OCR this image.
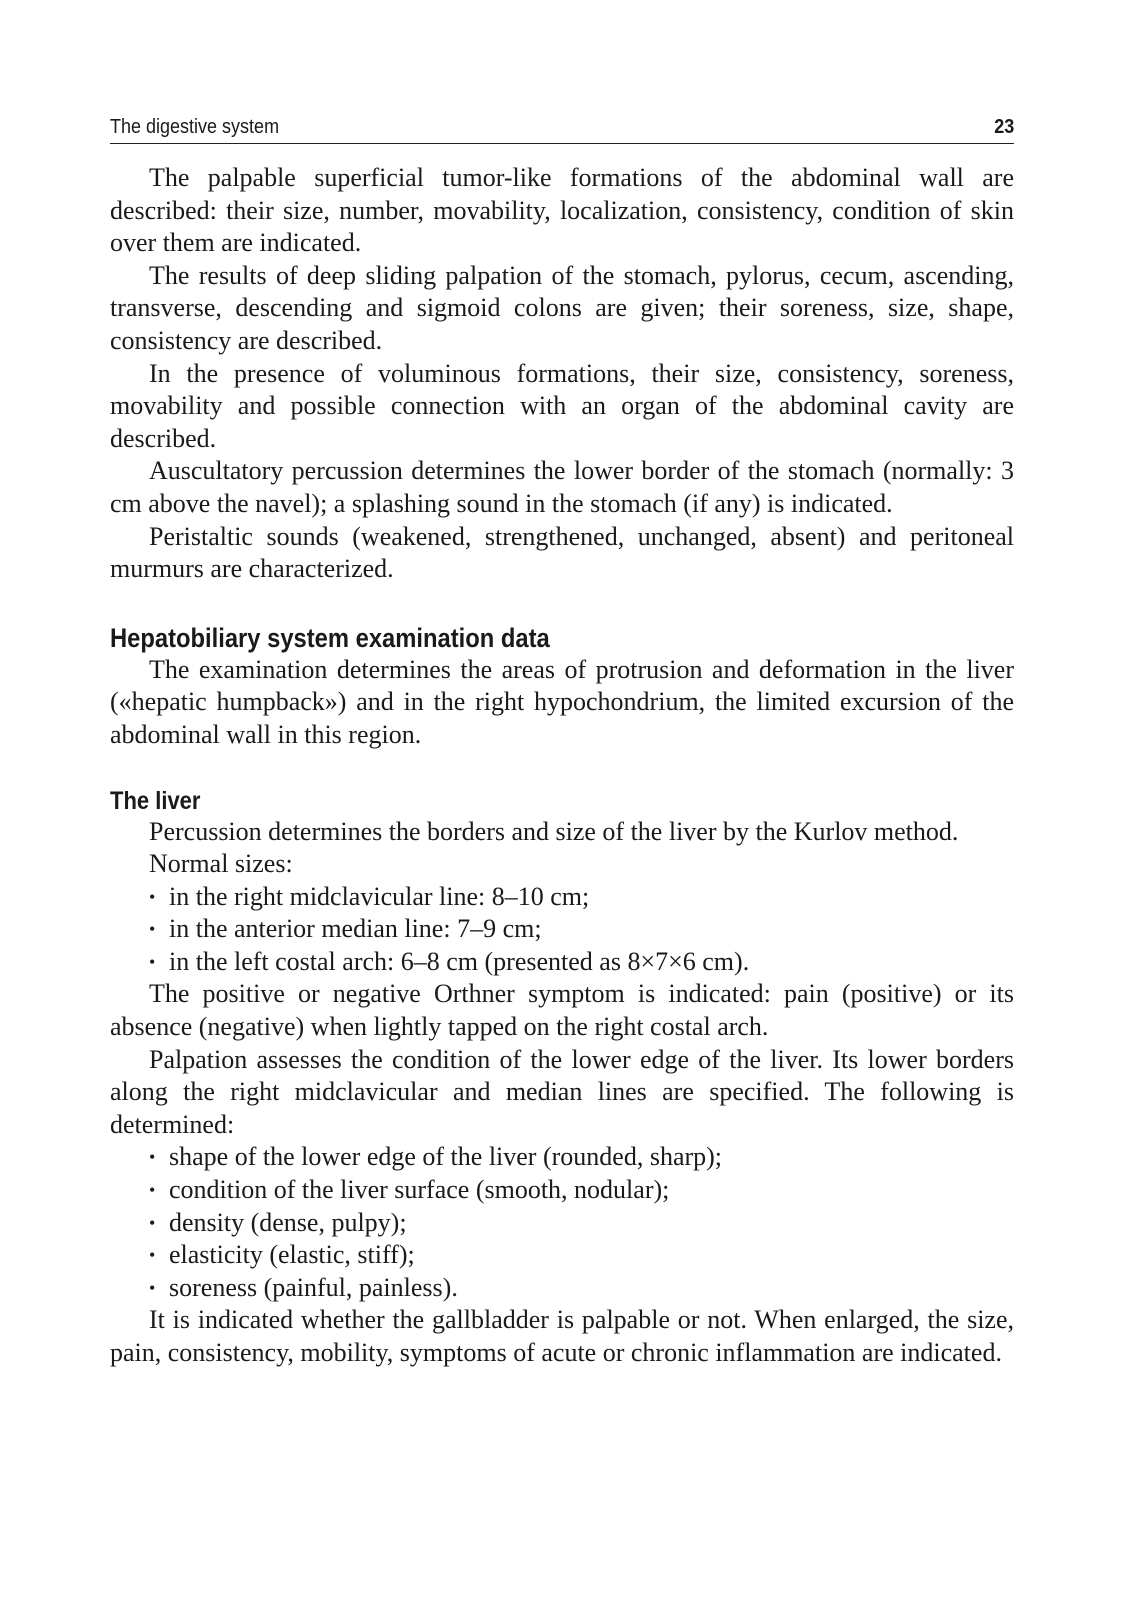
The digestive system	23

The palpable superficial tumor-like formations of the abdominal wall are described: their size, number, movability, localization, consistency, condition of skin over them are indicated.

The results of deep sliding palpation of the stomach, pylorus, cecum, ascending, transverse, descending and sigmoid colons are given; their soreness, size, shape, consistency are described.

In the presence of voluminous formations, their size, consistency, soreness, movability and possible connection with an organ of the abdominal cavity are described.

Auscultatory percussion determines the lower border of the stomach (normally: 3 cm above the navel); a splashing sound in the stomach (if any) is indicated.

Peristaltic sounds (weakened, strengthened, unchanged, absent) and peritoneal murmurs are characterized.

Hepatobiliary system examination data

The examination determines the areas of protrusion and deformation in the liver («hepatic humpback») and in the right hypochondrium, the limited excursion of the abdominal wall in this region.

The liver

Percussion determines the borders and size of the liver by the Kurlov method.

Normal sizes:

• in the right midclavicular line: 8–10 cm;
• in the anterior median line: 7–9 cm;
• in the left costal arch: 6–8 cm (presented as 8×7×6 cm).

The positive or negative Orthner symptom is indicated: pain (positive) or its absence (negative) when lightly tapped on the right costal arch.

Palpation assesses the condition of the lower edge of the liver. Its lower borders along the right midclavicular and median lines are specified. The following is determined:

• shape of the lower edge of the liver (rounded, sharp);
• condition of the liver surface (smooth, nodular);
• density (dense, pulpy);
• elasticity (elastic, stiff);
• soreness (painful, painless).

It is indicated whether the gallbladder is palpable or not. When enlarged, the size, pain, consistency, mobility, symptoms of acute or chronic inflammation are indicated.
